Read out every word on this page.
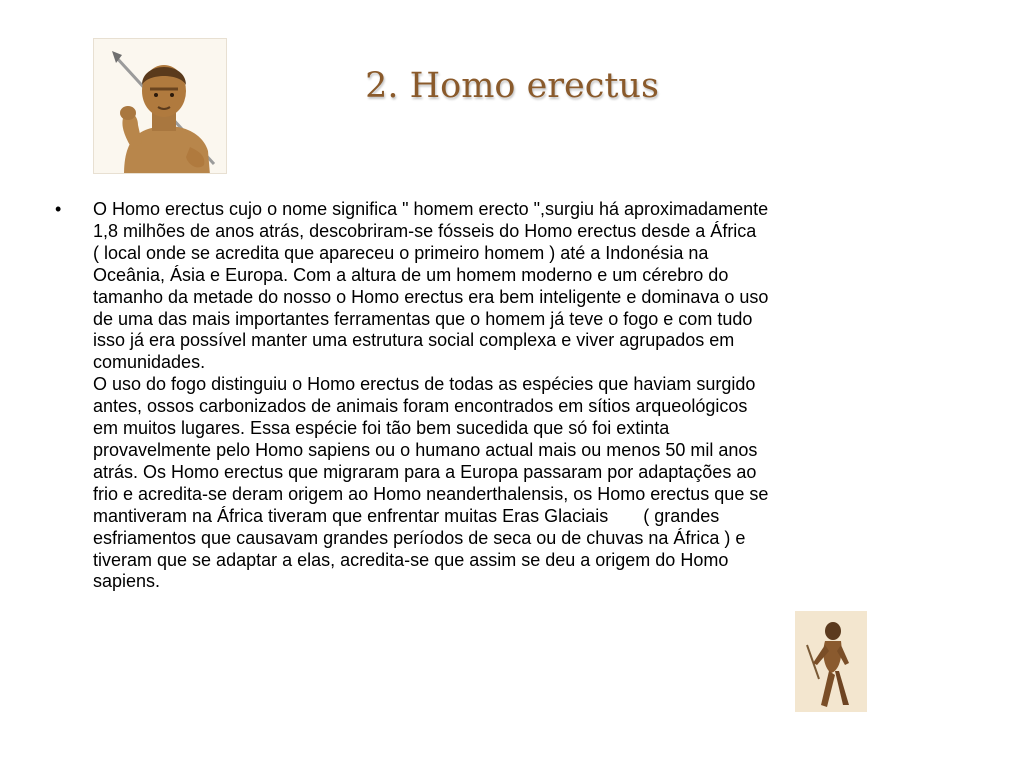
2. Homo erectus
• O Homo erectus cujo o nome significa " homem erecto ",surgiu há aproximadamente
1,8 milhões de anos atrás, descobriram-se fósseis do Homo erectus desde a África
( local onde se acredita que apareceu o primeiro homem ) até a Indonésia na
Oceânia, Ásia e Europa. Com a altura de um homem moderno e um cérebro do
tamanho da metade do nosso o Homo erectus era bem inteligente e dominava o uso
de uma das mais importantes ferramentas que o homem já teve o fogo e com tudo
isso já era possível manter uma estrutura social complexa e viver agrupados em
comunidades.

O uso do fogo distinguiu o Homo erectus de todas as espécies que haviam surgido
antes, ossos carbonizados de animais foram encontrados em sítios arqueológicos
em muitos lugares. Essa espécie foi tão bem sucedida que só foi extinta
provavelmente pelo Homo sapiens ou o humano actual mais ou menos 50 mil anos
atrás. Os Homo erectus que migraram para a Europa passaram por adaptações ao
frio e acredita-se deram origem ao Homo neanderthalensis, os Homo erectus que se
mantiveram na África tiveram que enfrentar muitas Eras Glaciais       ( grandes
esfriamentos que causavam grandes períodos de seca ou de chuvas na África ) e
tiveram que se adaptar a elas, acredita-se que assim se deu a origem do Homo
sapiens.
